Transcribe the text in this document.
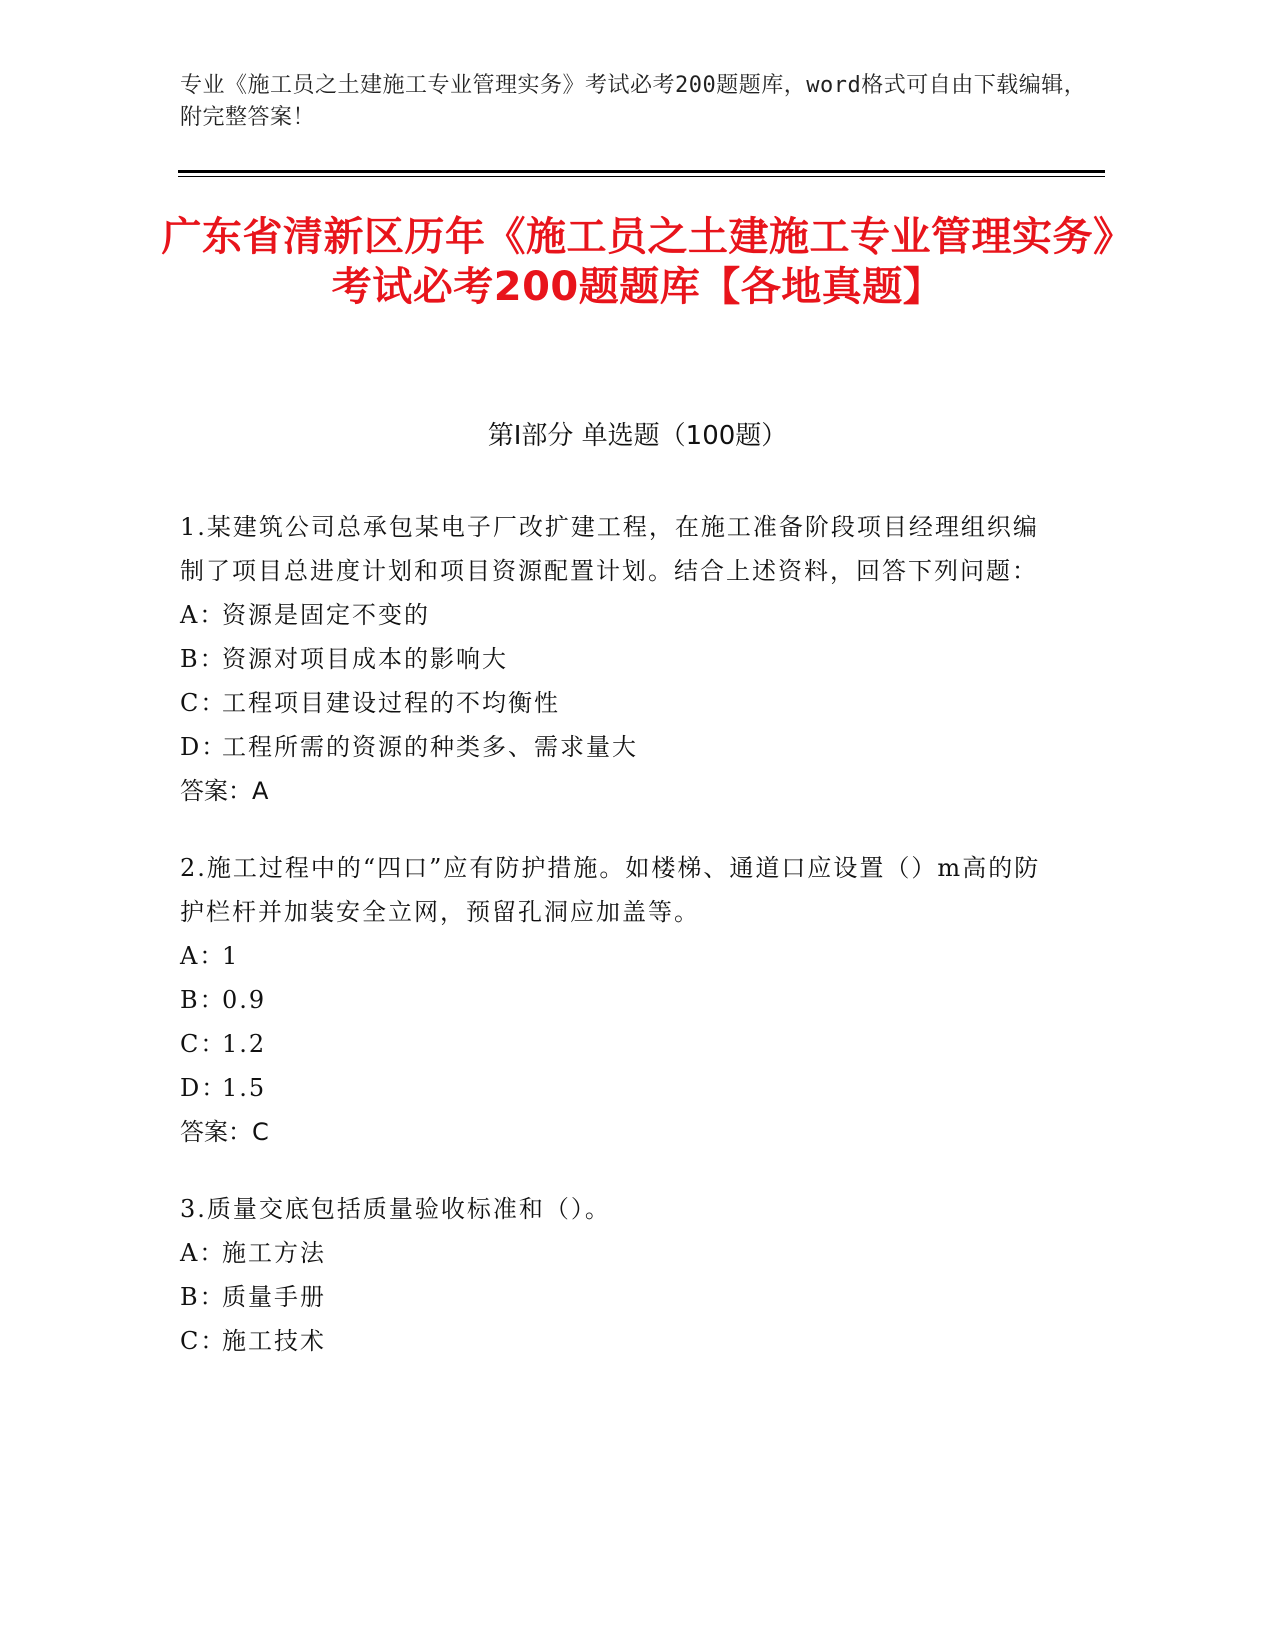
专业《施工员之土建施工专业管理实务》考试必考200题题库，word格式可自由下载编辑，附完整答案！
广东省清新区历年《施工员之土建施工专业管理实务》考试必考200题题库【各地真题】
第I部分 单选题（100题）
1.某建筑公司总承包某电子厂改扩建工程，在施工准备阶段项目经理组织编制了项目总进度计划和项目资源配置计划。结合上述资料，回答下列问题：
A：资源是固定不变的
B：资源对项目成本的影响大
C：工程项目建设过程的不均衡性
D：工程所需的资源的种类多、需求量大
答案：A
2.施工过程中的“四口”应有防护措施。如楼梯、通道口应设置（）m高的防护栏杆并加装安全立网，预留孔洞应加盖等。
A：1
B：0.9
C：1.2
D：1.5
答案：C
3.质量交底包括质量验收标准和（）。
A：施工方法
B：质量手册
C：施工技术
